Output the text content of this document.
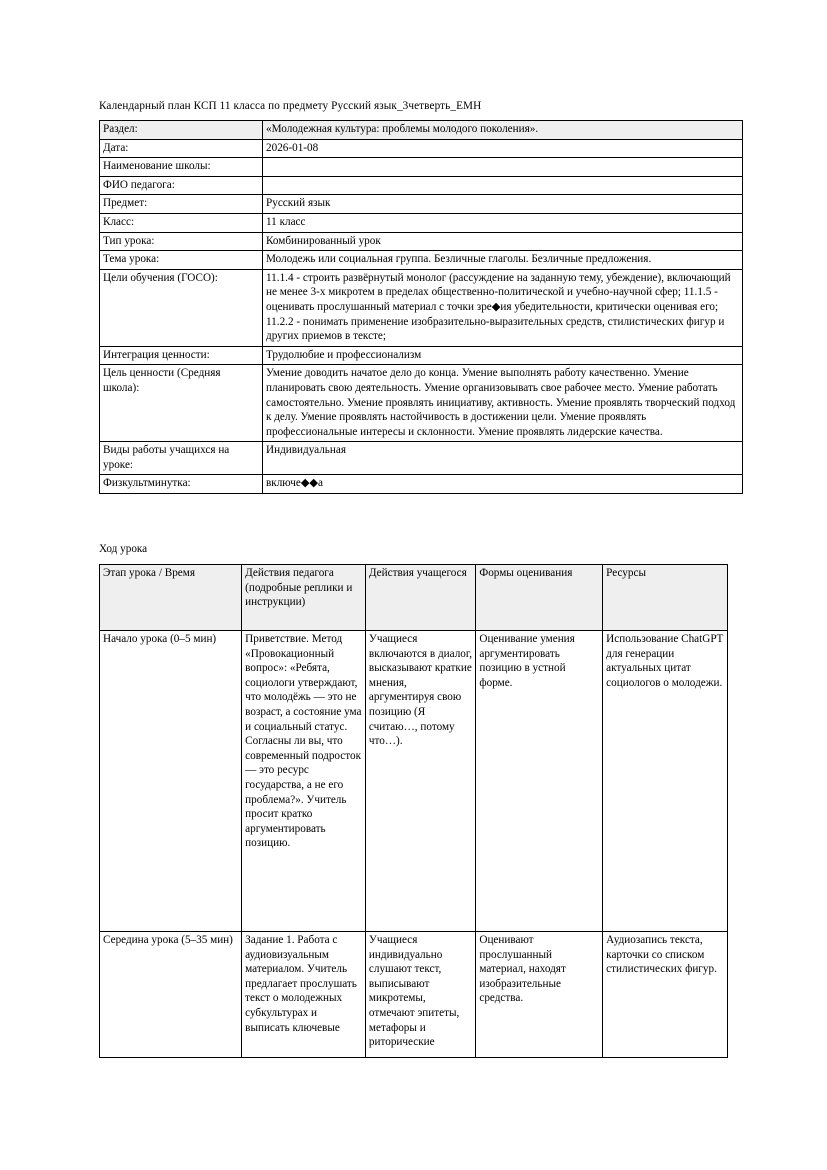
Календарный план КСП 11 класса по предмету Русский язык_3четверть_ЕМН
Раздел:	«Молодежная культура: проблемы молодого поколения».
Дата:	2026-01-08
Наименование школы:	
ФИО педагога:	
Предмет:	Русский язык
Класс:	11 класс
Тип урока:	Комбинированный урок
Тема урока:	Молодежь или социальная группа. Безличные глаголы. Безличные предложения.
Цели обучения (ГОСО):	11.1.4 - строить развёрнутый монолог (рассуждение на заданную тему, убеждение), включающий не менее 3-х микротем в пределах общественно-политической и учебно-научной сфер; 11.1.5 - оценивать прослушанный материал с точки зре◆ия убедительности, критически оценивая его; 11.2.2 - понимать применение изобразительно-выразительных средств, стилистических фигур и других приемов в тексте;
Интеграция ценности:	Трудолюбие и профессионализм
Цель ценности (Средняя школа):	Умение доводить начатое дело до конца. Умение выполнять работу качественно. Умение планировать свою деятельность. Умение организовывать свое рабочее место. Умение работать самостоятельно. Умение проявлять инициативу, активность. Умение проявлять творческий подход к делу. Умение проявлять настойчивость в достижении цели. Умение проявлять профессиональные интересы и склонности. Умение проявлять лидерские качества.
Виды работы учащихся на уроке:	Индивидуальная
Физкультминутка:	включе◆◆а
Ход урока
Этап урока / Время	Действия педагога (подробные реплики и инструкции)	Действия учащегося	Формы оценивания	Ресурсы
Начало урока (0–5 мин)	Приветствие. Метод «Провокационный вопрос»: «Ребята, социологи утверждают, что молодёжь — это не возраст, а состояние ума и социальный статус. Согласны ли вы, что современный подросток — это ресурс государства, а не его проблема?». Учитель просит кратко аргументировать позицию.	Учащиеся включаются в диалог, высказывают краткие мнения, аргументируя свою позицию (Я считаю…, потому что…).	Оценивание умения аргументировать позицию в устной форме.	Использование ChatGPT для генерации актуальных цитат социологов о молодежи.
Середина урока (5–35 мин)	Задание 1. Работа с аудиовизуальным материалом. Учитель предлагает прослушать текст о молодежных субкультурах и выписать ключевые	Учащиеся индивидуально слушают текст, выписывают микротемы, отмечают эпитеты, метафоры и риторические	Оценивают прослушанный материал, находят изобразительные средства.	Аудиозапись текста, карточки со списком стилистических фигур.
